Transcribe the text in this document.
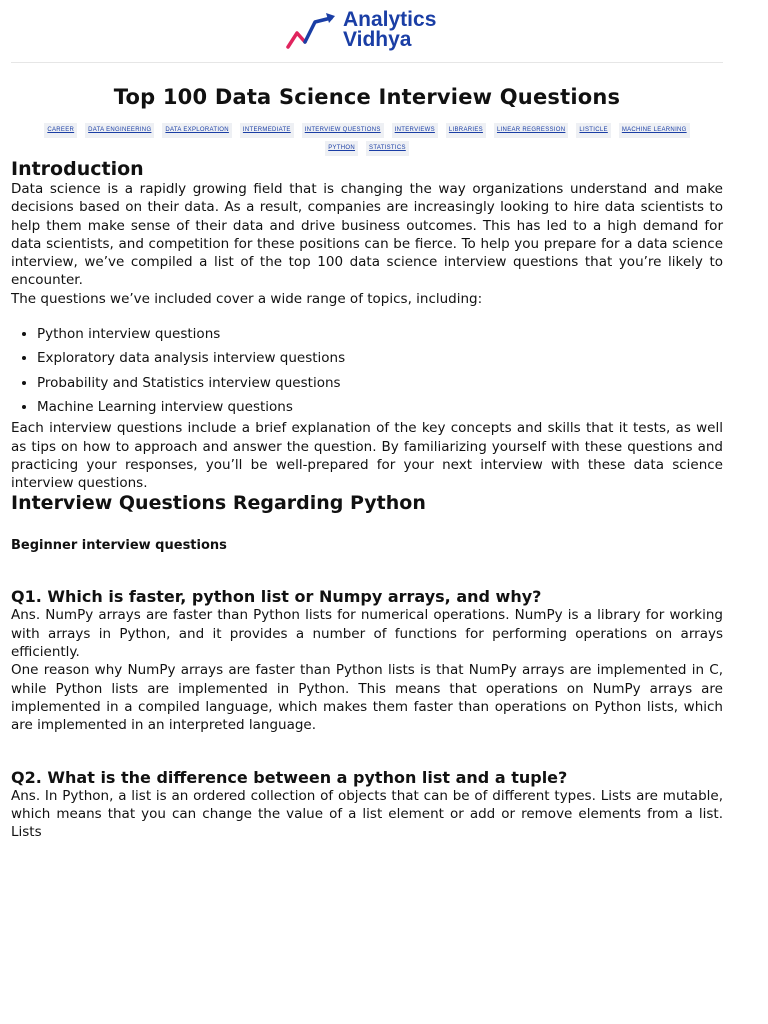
Analytics
Vidhya
Top 100 Data Science Interview Questions
CAREER DATA ENGINEERING DATA EXPLORATION INTERMEDIATE INTERVIEW QUESTIONS INTERVIEWS LIBRARIES LINEAR REGRESSION LISTICLE MACHINE LEARNING
PYTHON STATISTICS
Introduction

Data science is a rapidly growing field that is changing the way organizations understand and make decisions based on their data. As a result, companies are increasingly looking to hire data scientists to help them make sense of their data and drive business outcomes. This has led to a high demand for data scientists, and competition for these positions can be fierce. To help you prepare for a data science interview, we’ve compiled a list of the top 100 data science interview questions that you’re likely to encounter.

The questions we’ve included cover a wide range of topics, including:

• Python interview questions
• Exploratory data analysis interview questions
• Probability and Statistics interview questions
• Machine Learning interview questions

Each interview questions include a brief explanation of the key concepts and skills that it tests, as well as tips on how to approach and answer the question. By familiarizing yourself with these questions and practicing your responses, you’ll be well-prepared for your next interview with these data science interview questions.

Interview Questions Regarding Python
Beginner interview questions
Q1. Which is faster, python list or Numpy arrays, and why?

Ans. NumPy arrays are faster than Python lists for numerical operations. NumPy is a library for working with arrays in Python, and it provides a number of functions for performing operations on arrays efficiently.

One reason why NumPy arrays are faster than Python lists is that NumPy arrays are implemented in C, while Python lists are implemented in Python. This means that operations on NumPy arrays are implemented in a compiled language, which makes them faster than operations on Python lists, which are implemented in an interpreted language.

Q2. What is the difference between a python list and a tuple?

Ans. In Python, a list is an ordered collection of objects that can be of different types. Lists are mutable, which means that you can change the value of a list element or add or remove elements from a list. Lists
